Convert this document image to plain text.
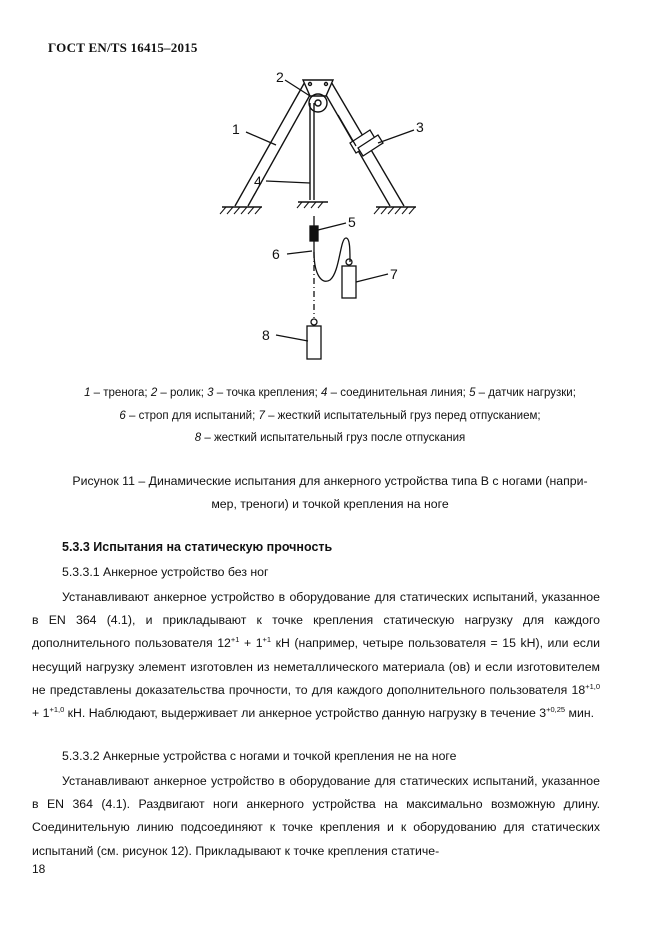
ГОСТ EN/TS 16415–2015
1
2
3
4
5
6
7
8
1 – тренога; 2 – ролик; 3 – точка крепления; 4 – соединительная линия; 5 – датчик нагрузки;
6 – строп для испытаний; 7 – жесткий испытательный груз перед отпусканием;
8 – жесткий испытательный груз после отпускания
Рисунок 11 – Динамические испытания для анкерного устройства типа B с ногами (напри-
мер, треноги) и точкой крепления на ноге
5.3.3 Испытания на статическую прочность
5.3.3.1 Анкерное устройство без ног
Устанавливают анкерное устройство в оборудование для статических испытаний, указанное в EN 364 (4.1), и прикладывают к точке крепления статическую нагрузку для каждого дополнительного пользователя $12^{+1} + 1^{+1}$ кН (например, четыре пользователя = 15 kH), или если несущий нагрузку элемент изготовлен из неметаллического материала (ов) и если изготовителем не представлены доказательства прочности, то для каждого дополнительного пользователя $18^{+1,0} + 1^{+1,0}$ кН. Наблюдают, выдерживает ли анкерное устройство данную нагрузку в течение $3^{+0,25}$ мин.
5.3.3.2 Анкерные устройства с ногами и точкой крепления не на ноге
Устанавливают анкерное устройство в оборудование для статических испытаний, указанное в EN 364 (4.1). Раздвигают ноги анкерного устройства на максимально возможную длину. Соединительную линию подсоединяют к точке крепления и к оборудованию для статических испытаний (см. рисунок 12). Прикладывают к точке крепления статиче-
18
